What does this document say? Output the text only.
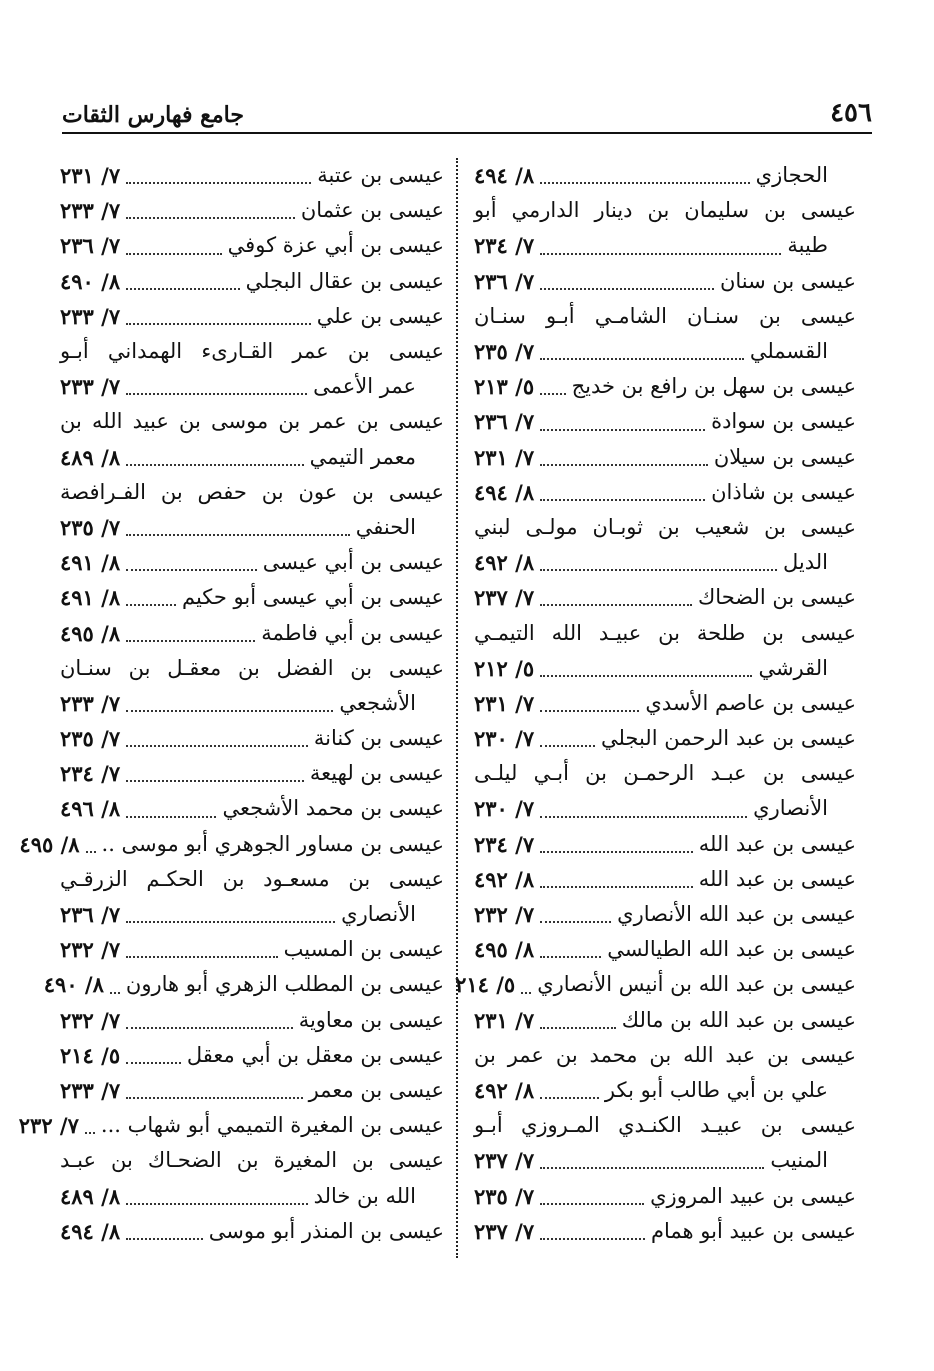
٤٥٦
جامع فهارس الثقات
الحجازي
٨/ ٤٩٤
عيسى بن سليمان بن دينار الدارمي أبو
طيبة
٧/ ٢٣٤
عيسى بن سنان
٧/ ٢٣٦
عيسى بن سنـان الشامـي أبـو سنـان
القسملي
٧/ ٢٣٥
عيسى بن سهل بن رافع بن خديج
٥/ ٢١٣
عيسى بن سوادة
٧/ ٢٣٦
عيسى بن سيلان
٧/ ٢٣١
عيسى بن شاذان
٨/ ٤٩٤
عيسى بن شعيب بن ثوبـان مولـى لبني
الديل
٨/ ٤٩٢
عيسى بن الضحاك
٧/ ٢٣٧
عيسى بن طلحة بن عبيـد الله التيمـي
القرشي
٥/ ٢١٢
عيسى بن عاصم الأسدي
٧/ ٢٣١
عيسى بن عبد الرحمن البجلي
٧/ ٢٣٠
عيسى بن عبـد الرحمـن بن أبـي ليلـى
الأنصاري
٧/ ٢٣٠
عيسى بن عبد الله
٧/ ٢٣٤
عيسى بن عبد الله
٨/ ٤٩٢
عيسى بن عبد الله الأنصاري
٧/ ٢٣٢
عيسى بن عبد الله الطيالسي
٨/ ٤٩٥
عيسى بن عبد الله بن أنيس الأنصاري
٥/ ٢١٤
عيسى بن عبد الله بن مالك
٧/ ٢٣١
عيسى بن عبد الله بن محمد بن عمر بن
علي بن أبي طالب أبو بكر
٨/ ٤٩٢
عيسى بن عبيـد الكنـدي المـروزي أبـو
المنيب
٧/ ٢٣٧
عيسى بن عبيد المروزي
٧/ ٢٣٥
عيسى بن عبيد أبو همام
٧/ ٢٣٧
عيسى بن عتبة
٧/ ٢٣١
عيسى بن عثمان
٧/ ٢٣٣
عيسى بن أبي عزة كوفي
٧/ ٢٣٦
عيسى بن عقال البجلي
٨/ ٤٩٠
عيسى بن علي
٧/ ٢٣٣
عيسى بن عمر القـارىء الهمداني أبـو
عمر الأعمى
٧/ ٢٣٣
عيسى بن عمر بن موسى بن عبيد الله بن
معمر التيمي
٨/ ٤٨٩
عيسى بن عون بن حفص بن الفـرافصة
الحنفي
٧/ ٢٣٥
عيسى بن أبي عيسى
٨/ ٤٩١
عيسى بن أبي عيسى أبو حكيم
٨/ ٤٩١
عيسى بن أبي فاطمة
٨/ ٤٩٥
عيسى بن الفضل بن معقـل بن سنـان
الأشجعي
٧/ ٢٣٣
عيسى بن كنانة
٧/ ٢٣٥
عيسى بن لهيعة
٧/ ٢٣٤
عيسى بن محمد الأشجعي
٨/ ٤٩٦
عيسى بن مساور الجوهري أبو موسى ..
٨/ ٤٩٥
عيسى بن مسعـود بن الحكـم الزرقـي
الأنصاري
٧/ ٢٣٦
عيسى بن المسيب
٧/ ٢٣٢
عيسى بن المطلب الزهري أبو هارون
٨/ ٤٩٠
عيسى بن معاوية
٧/ ٢٣٢
عيسى بن معقل بن أبي معقل
٥/ ٢١٤
عيسى بن معمر
٧/ ٢٣٣
عيسى بن المغيرة التميمي أبو شهاب ...
٧/ ٢٣٢
عيسى بن المغيرة بن الضحـاك بن عبـد
الله بن خالد
٨/ ٤٨٩
عيسى بن المنذر أبو موسى
٨/ ٤٩٤
